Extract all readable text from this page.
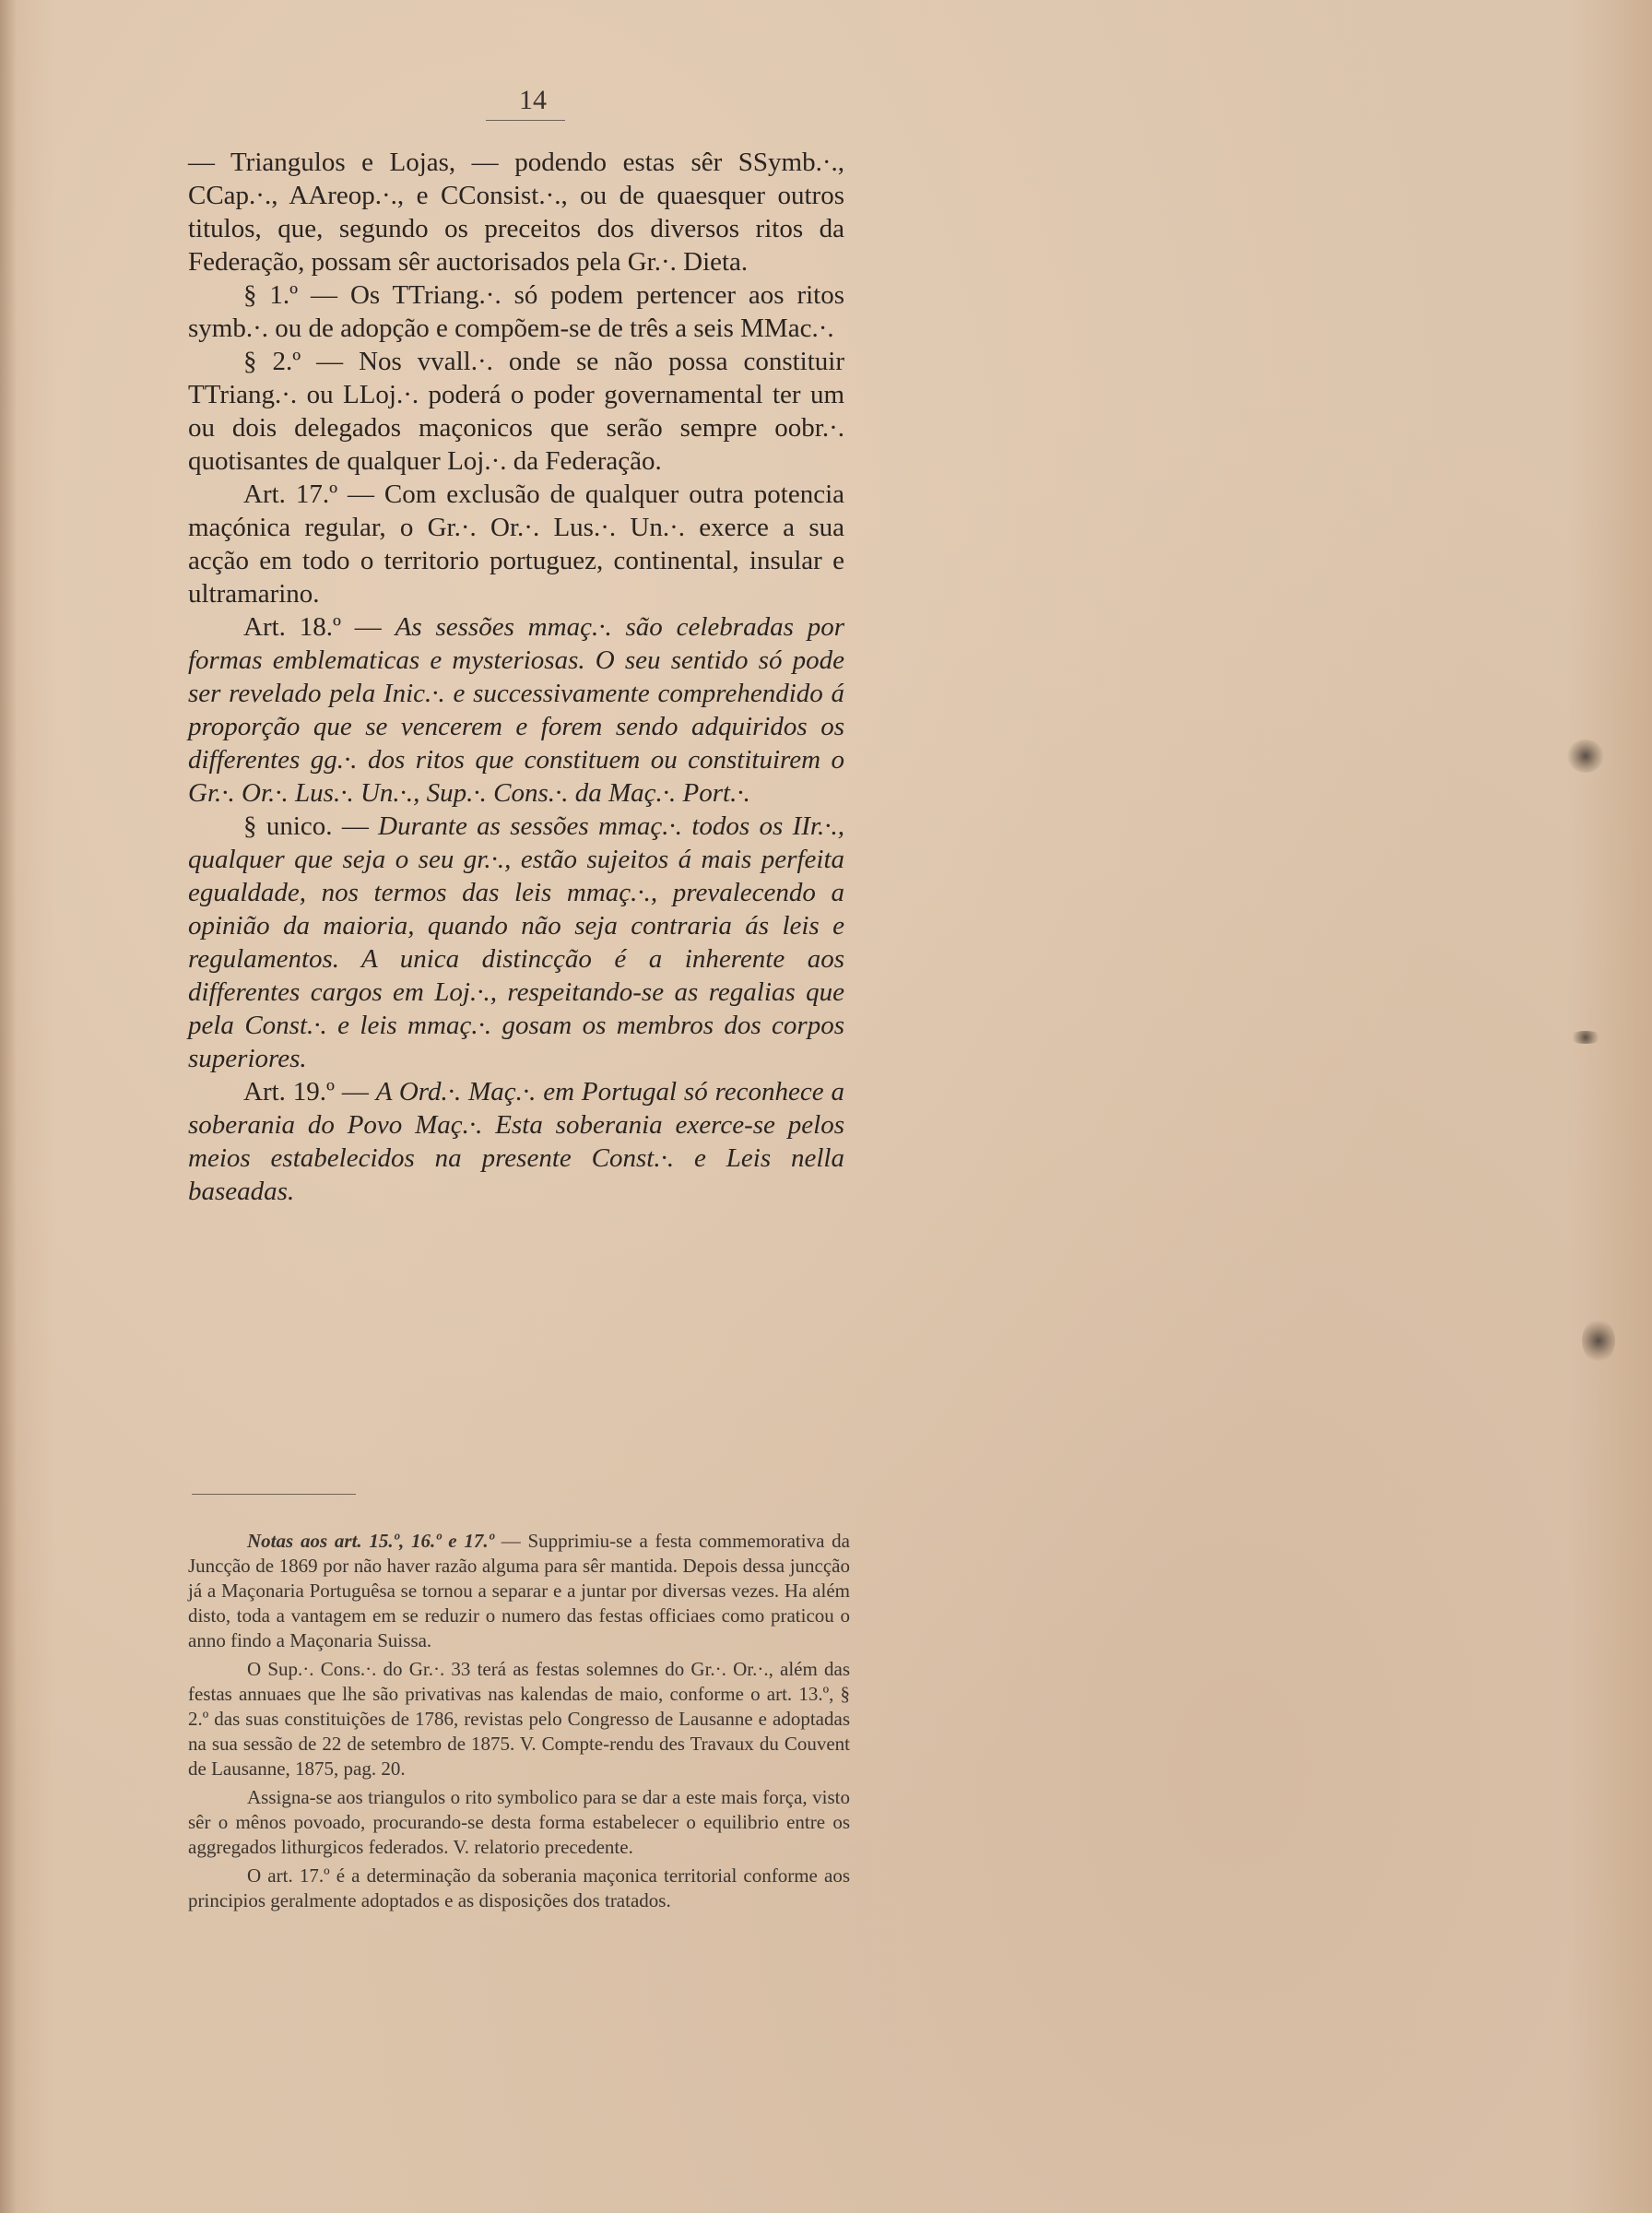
14

— Triangulos e Lojas, — podendo estas sêr SSymb.·., CCap.·., AAreop.·., e CConsist.·., ou de quaesquer outros titulos, que, segundo os preceitos dos diversos ritos da Federação, possam sêr auctorisados pela Gr.·. Dieta.

§ 1.º — Os TTriang.·. só podem pertencer aos ritos symb.·. ou de adopção e compõem-se de três a seis MMac.·.

§ 2.º — Nos vvall.·. onde se não possa constituir TTriang.·. ou LLoj.·. poderá o poder governamental ter um ou dois delegados maçonicos que serão sempre oobr.·. quotisantes de qualquer Loj.·. da Federação.

Art. 17.º — Com exclusão de qualquer outra potencia maçónica regular, o Gr.·. Or.·. Lus.·. Un.·. exerce a sua acção em todo o territorio portuguez, continental, insular e ultramarino.

Art. 18.º — As sessões mmaç.·. são celebradas por formas emblematicas e mysteriosas. O seu sentido só pode ser revelado pela Inic.·. e successivamente comprehendido á proporção que se vencerem e forem sendo adquiridos os differentes gg.·. dos ritos que constituem ou constituirem o Gr.·. Or.·. Lus.·. Un.·., Sup.·. Cons.·. da Maç.·. Port.·.

§ unico. — Durante as sessões mmaç.·. todos os IIr.·., qualquer que seja o seu gr.·., estão sujeitos á mais perfeita egualdade, nos termos das leis mmaç.·., prevalecendo a opinião da maioria, quando não seja contraria ás leis e regulamentos. A unica distincção é a inherente aos differentes cargos em Loj.·., respeitando-se as regalias que pela Const.·. e leis mmaç.·. gosam os membros dos corpos superiores.

Art. 19.º — A Ord.·. Maç.·. em Portugal só reconhece a soberania do Povo Maç.·. Esta soberania exerce-se pelos meios estabelecidos na presente Const.·. e Leis nella baseadas.

Notas aos art. 15.º, 16.º e 17.º — Supprimiu-se a festa commemorativa da Juncção de 1869 por não haver razão alguma para sêr mantida. Depois dessa juncção já a Maçonaria Portuguêsa se tornou a separar e a juntar por diversas vezes. Ha além disto, toda a vantagem em se reduzir o numero das festas officiaes como praticou o anno findo a Maçonaria Suissa.

O Sup.·. Cons.·. do Gr.·. 33 terá as festas solemnes do Gr.·. Or.·., além das festas annuaes que lhe são privativas nas kalendas de maio, conforme o art. 13.º, § 2.º das suas constituições de 1786, revistas pelo Congresso de Lausanne e adoptadas na sua sessão de 22 de setembro de 1875. V. Compte-rendu des Travaux du Couvent de Lausanne, 1875, pag. 20.

Assigna-se aos triangulos o rito symbolico para se dar a este mais força, visto sêr o mênos povoado, procurando-se desta forma estabelecer o equilibrio entre os aggregados lithurgicos federados. V. relatorio precedente.

O art. 17.º é a determinação da soberania maçonica territorial conforme aos principios geralmente adoptados e as disposições dos tratados.
